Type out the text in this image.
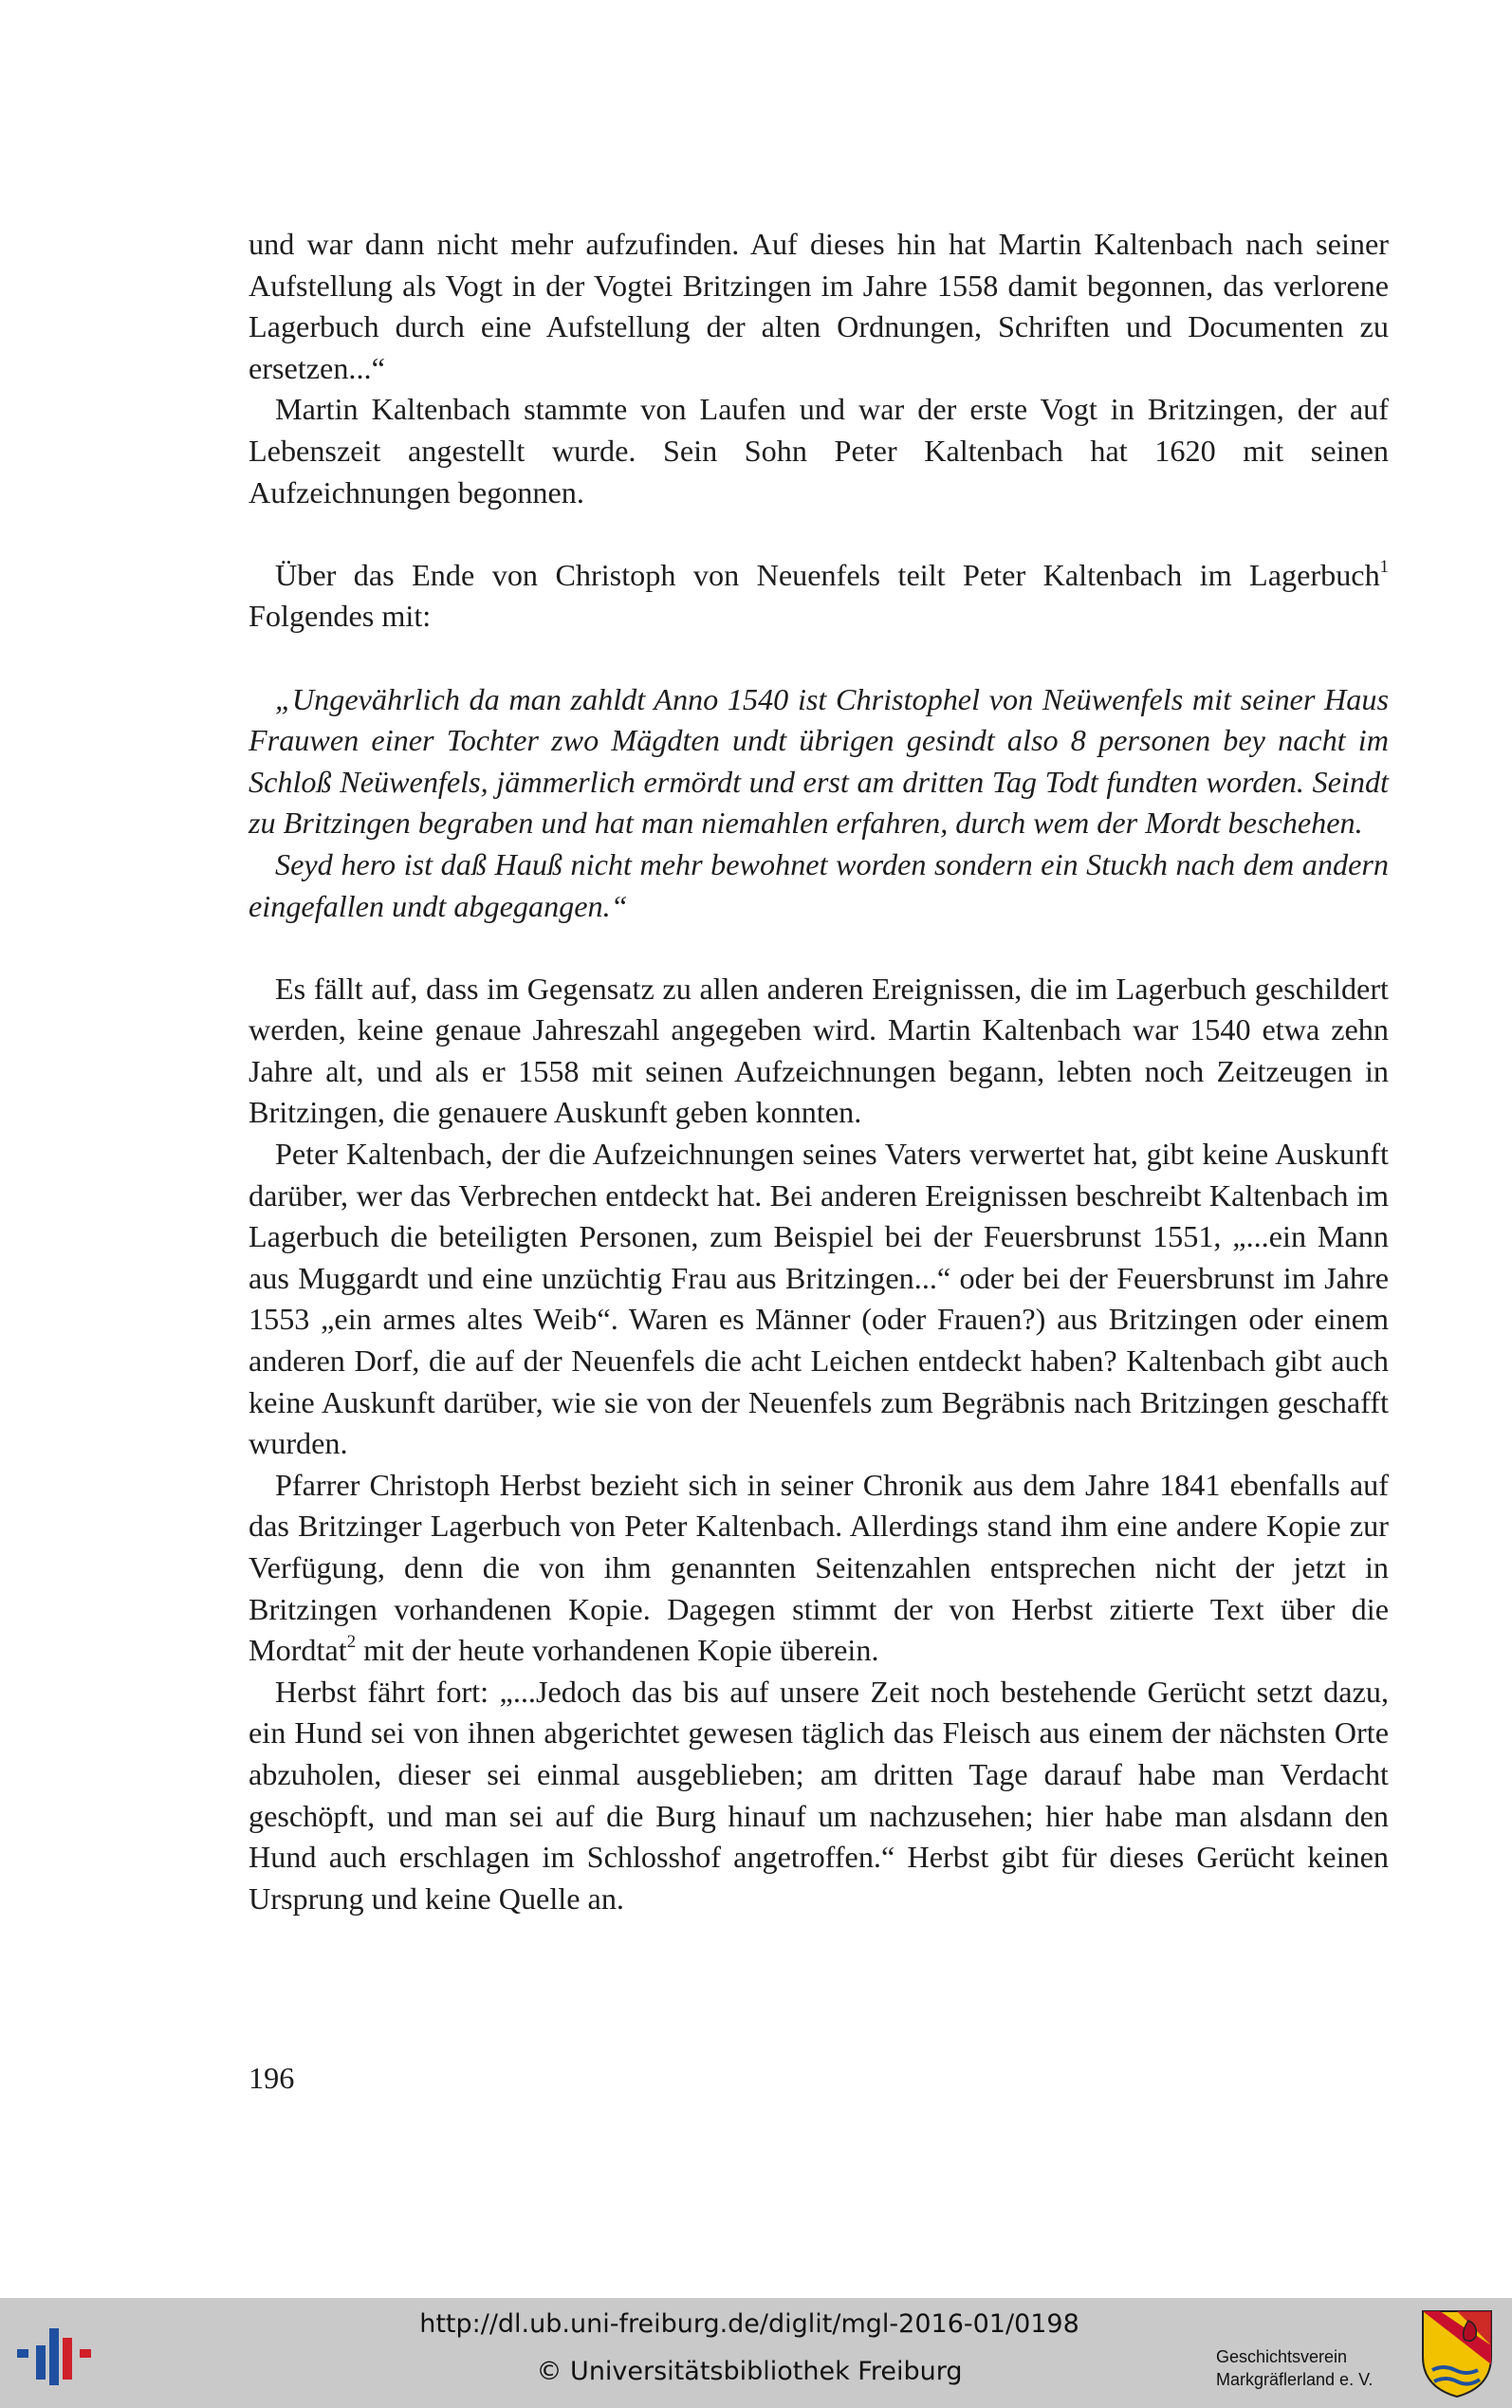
und war dann nicht mehr aufzufinden. Auf dieses hin hat Martin Kaltenbach nach seiner Aufstellung als Vogt in der Vogtei Britzingen im Jahre 1558 damit begonnen, das verlorene Lagerbuch durch eine Aufstellung der alten Ordnungen, Schriften und Documenten zu ersetzen...“

Martin Kaltenbach stammte von Laufen und war der erste Vogt in Britzingen, der auf Lebenszeit angestellt wurde. Sein Sohn Peter Kaltenbach hat 1620 mit seinen Aufzeichnungen begonnen.

Über das Ende von Christoph von Neuenfels teilt Peter Kaltenbach im Lagerbuch$^1$ Folgendes mit:

„Ungevährlich da man zahldt Anno 1540 ist Christophel von Neüwenfels mit seiner Haus Frauwen einer Tochter zwo Mägdten undt übrigen gesindt also 8 personen bey nacht im Schloß Neüwenfels, jämmerlich ermördt und erst am dritten Tag Todt fundten worden. Seindt zu Britzingen begraben und hat man niemahlen erfahren, durch wem der Mordt beschehen.

Seyd hero ist daß Hauß nicht mehr bewohnet worden sondern ein Stuckh nach dem andern eingefallen undt abgegangen.“

Es fällt auf, dass im Gegensatz zu allen anderen Ereignissen, die im Lagerbuch geschildert werden, keine genaue Jahreszahl angegeben wird. Martin Kaltenbach war 1540 etwa zehn Jahre alt, und als er 1558 mit seinen Aufzeichnungen begann, lebten noch Zeitzeugen in Britzingen, die genauere Auskunft geben konnten.

Peter Kaltenbach, der die Aufzeichnungen seines Vaters verwertet hat, gibt keine Auskunft darüber, wer das Verbrechen entdeckt hat. Bei anderen Ereignissen beschreibt Kaltenbach im Lagerbuch die beteiligten Personen, zum Beispiel bei der Feuersbrunst 1551, „...ein Mann aus Muggardt und eine unzüchtig Frau aus Britzingen...“ oder bei der Feuersbrunst im Jahre 1553 „ein armes altes Weib“. Waren es Männer (oder Frauen?) aus Britzingen oder einem anderen Dorf, die auf der Neuenfels die acht Leichen entdeckt haben? Kaltenbach gibt auch keine Auskunft darüber, wie sie von der Neuenfels zum Begräbnis nach Britzingen geschafft wurden.

Pfarrer Christoph Herbst bezieht sich in seiner Chronik aus dem Jahre 1841 ebenfalls auf das Britzinger Lagerbuch von Peter Kaltenbach. Allerdings stand ihm eine andere Kopie zur Verfügung, denn die von ihm genannten Seitenzahlen entsprechen nicht der jetzt in Britzingen vorhandenen Kopie. Dagegen stimmt der von Herbst zitierte Text über die Mordtat$^2$ mit der heute vorhandenen Kopie überein.

Herbst fährt fort: „...Jedoch das bis auf unsere Zeit noch bestehende Gerücht setzt dazu, ein Hund sei von ihnen abgerichtet gewesen täglich das Fleisch aus einem der nächsten Orte abzuholen, dieser sei einmal ausgeblieben; am dritten Tage darauf habe man Verdacht geschöpft, und man sei auf die Burg hinauf um nachzusehen; hier habe man alsdann den Hund auch erschlagen im Schlosshof angetroffen.“ Herbst gibt für dieses Gerücht keinen Ursprung und keine Quelle an.

196
http://dl.ub.uni-freiburg.de/diglit/mgl-2016-01/0198
© Universitätsbibliothek Freiburg	Geschichtsverein
Markgräflerland e. V.
